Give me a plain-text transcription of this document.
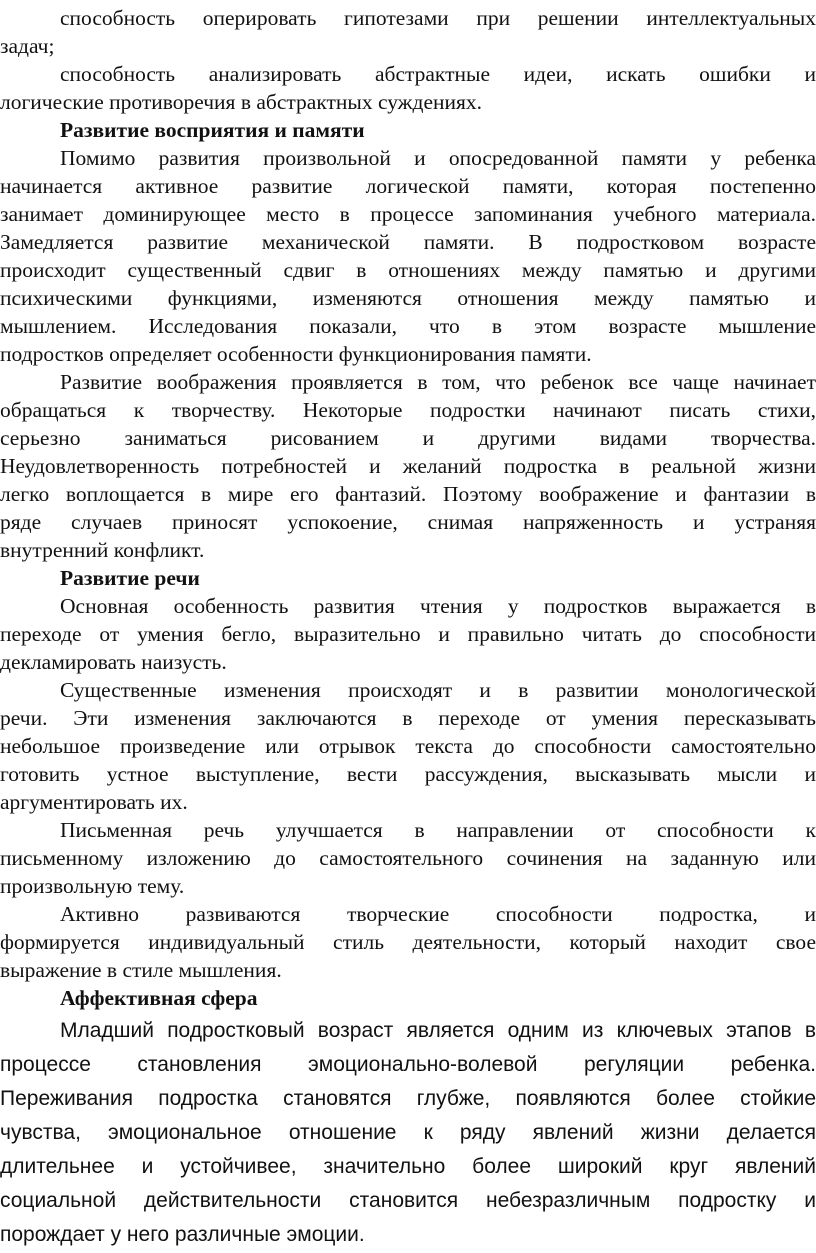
способность оперировать гипотезами при решении интеллектуальных

задач;

способность анализировать абстрактные идеи, искать ошибки и

логические противоречия в абстрактных суждениях.

Развитие восприятия и памяти

Помимо развития произвольной и опосредованной памяти у ребенка

начинается активное развитие логической памяти, которая постепенно

занимает доминирующее место в процессе запоминания учебного материала.

Замедляется развитие механической памяти. В подростковом возрасте

происходит существенный сдвиг в отношениях между памятью и другими

психическими функциями, изменяются отношения между памятью и

мышлением. Исследования показали, что в этом возрасте мышление

подростков определяет особенности функционирования памяти.

Развитие воображения проявляется в том, что ребенок все чаще начинает

обращаться к творчеству. Некоторые подростки начинают писать стихи,

серьезно заниматься рисованием и другими видами творчества.

Неудовлетворенность потребностей и желаний подростка в реальной жизни

легко воплощается в мире его фантазий. Поэтому воображение и фантазии в

ряде случаев приносят успокоение, снимая напряженность и устраняя

внутренний конфликт.

Развитие речи

Основная особенность развития чтения у подростков выражается в

переходе от умения бегло, выразительно и правильно читать до способности

декламировать наизусть.

Существенные изменения происходят и в развитии монологической

речи. Эти изменения заключаются в переходе от умения пересказывать

небольшое произведение или отрывок текста до способности самостоятельно

готовить устное выступление, вести рассуждения, высказывать мысли и

аргументировать их.

Письменная речь улучшается в направлении от способности к

письменному изложению до самостоятельного сочинения на заданную или

произвольную тему.

Активно развиваются творческие способности подростка, и

формируется индивидуальный стиль деятельности, который находит свое

выражение в стиле мышления.

Аффективная сфера

Младший подростковый возраст является одним из ключевых этапов в

процессе становления эмоционально-волевой регуляции ребенка.

Переживания подростка становятся глубже, появляются более стойкие

чувства, эмоциональное отношение к ряду явлений жизни делается

длительнее и устойчивее, значительно более широкий круг явлений

социальной действительности становится небезразличным подростку и

порождает у него различные эмоции.
